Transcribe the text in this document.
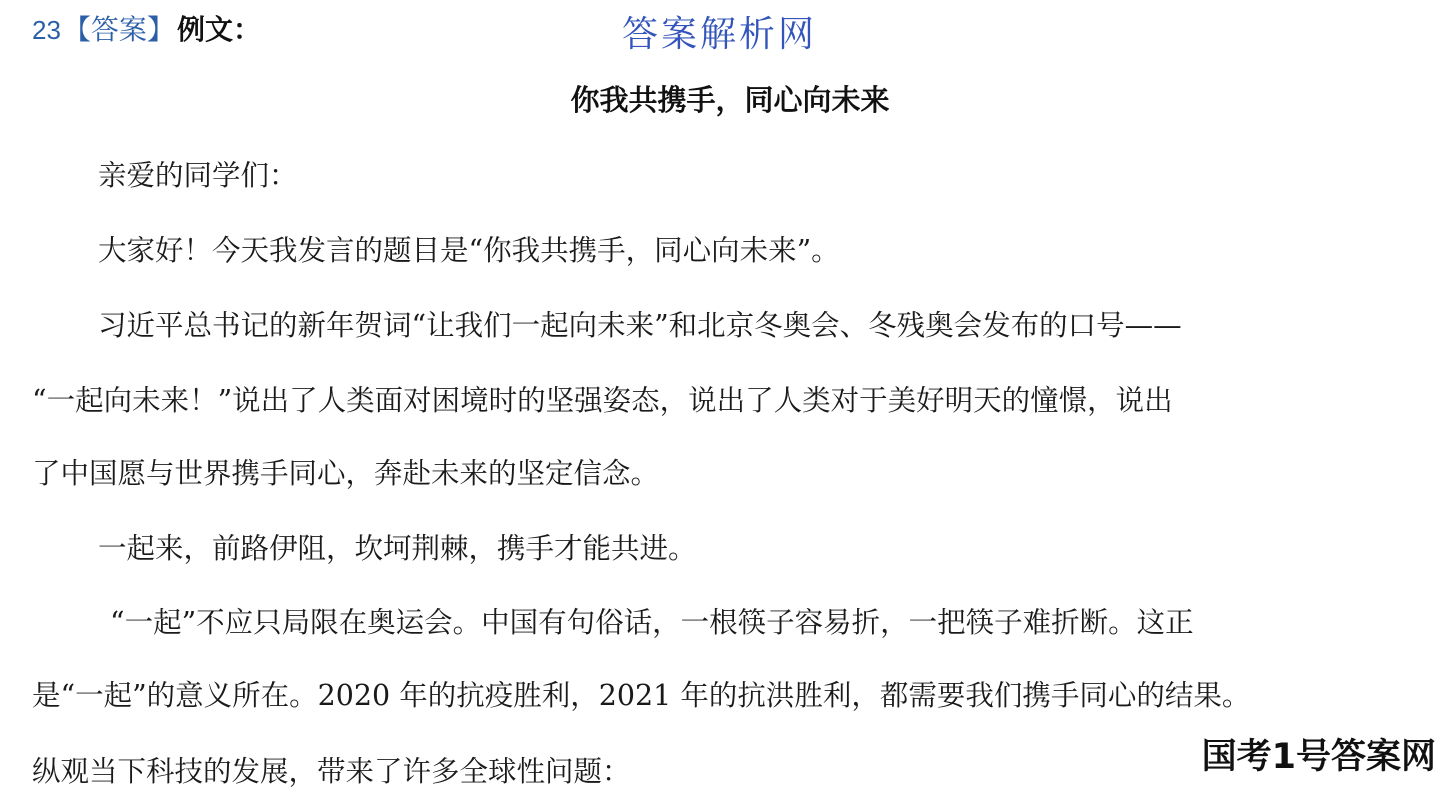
23 【答案】 例文：	答案解析网
你我共携手，同心向未来
亲爱的同学们：
大家好！今天我发言的题目是“你我共携手，同心向未来”。
习近平总书记的新年贺词“让我们一起向未来”和北京冬奥会、冬残奥会发布的口号——
“一起向未来！”说出了人类面对困境时的坚强姿态，说出了人类对于美好明天的憧憬，说出
了中国愿与世界携手同心，奔赴未来的坚定信念。
一起来，前路伊阻，坎坷荆棘，携手才能共进。
“一起”不应只局限在奥运会。中国有句俗话，一根筷子容易折，一把筷子难折断。这正
是“一起”的意义所在。2020 年的抗疫胜利，2021 年的抗洪胜利，都需要我们携手同心的结果。
纵观当下科技的发展，带来了许多全球性问题：	国考1号答案网
